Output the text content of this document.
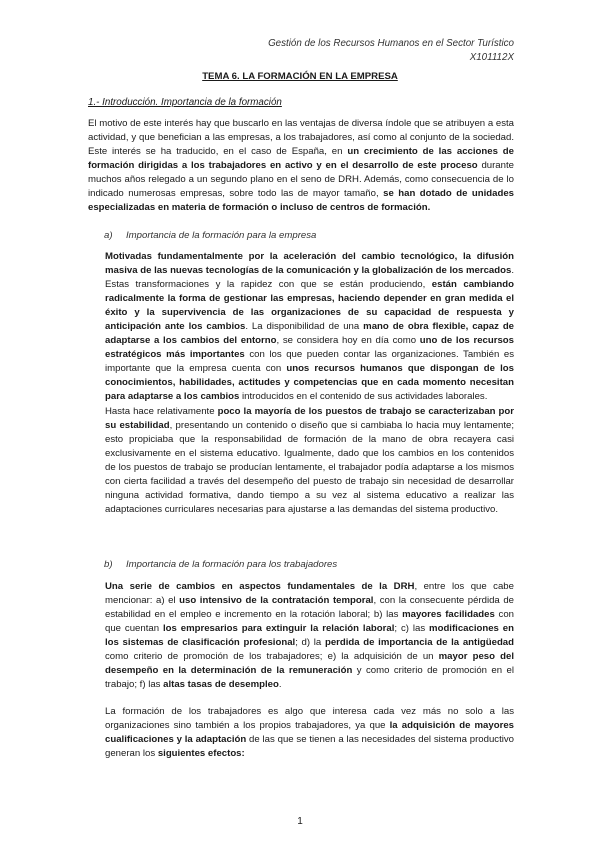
Gestión de los Recursos Humanos en el Sector Turístico
X101112X
TEMA 6. LA FORMACIÓN EN LA EMPRESA
1.- Introducción. Importancia de la formación

El motivo de este interés hay que buscarlo en las ventajas de diversa índole que se atribuyen a esta actividad, y que benefician a las empresas, a los trabajadores, así como al conjunto de la sociedad. Este interés se ha traducido, en el caso de España, en un crecimiento de las acciones de formación dirigidas a los trabajadores en activo y en el desarrollo de este proceso durante muchos años relegado a un segundo plano en el seno de DRH. Además, como consecuencia de lo indicado numerosas empresas, sobre todo las de mayor tamaño, se han dotado de unidades especializadas en materia de formación o incluso de centros de formación.

a) Importancia de la formación para la empresa

Motivadas fundamentalmente por la aceleración del cambio tecnológico, la difusión masiva de las nuevas tecnologías de la comunicación y la globalización de los mercados. Estas transformaciones y la rapidez con que se están produciendo, están cambiando radicalmente la forma de gestionar las empresas, haciendo depender en gran medida el éxito y la supervivencia de las organizaciones de su capacidad de respuesta y anticipación ante los cambios. La disponibilidad de una mano de obra flexible, capaz de adaptarse a los cambios del entorno, se considera hoy en día como uno de los recursos estratégicos más importantes con los que pueden contar las organizaciones. También es importante que la empresa cuenta con unos recursos humanos que dispongan de los conocimientos, habilidades, actitudes y competencias que en cada momento necesitan para adaptarse a los cambios introducidos en el contenido de sus actividades laborales.

Hasta hace relativamente poco la mayoría de los puestos de trabajo se caracterizaban por su estabilidad, presentando un contenido o diseño que si cambiaba lo hacia muy lentamente; esto propiciaba que la responsabilidad de formación de la mano de obra recayera casi exclusivamente en el sistema educativo. Igualmente, dado que los cambios en los contenidos de los puestos de trabajo se producían lentamente, el trabajador podía adaptarse a los mismos con cierta facilidad a través del desempeño del puesto de trabajo sin necesidad de desarrollar ninguna actividad formativa, dando tiempo a su vez al sistema educativo a realizar las adaptaciones curriculares necesarias para ajustarse a las demandas del sistema productivo.

b) Importancia de la formación para los trabajadores

Una serie de cambios en aspectos fundamentales de la DRH, entre los que cabe mencionar: a) el uso intensivo de la contratación temporal, con la consecuente pérdida de estabilidad en el empleo e incremento en la rotación laboral; b) las mayores facilidades con que cuentan los empresarios para extinguir la relación laboral; c) las modificaciones en los sistemas de clasificación profesional; d) la perdida de importancia de la antigüedad como criterio de promoción de los trabajadores; e) la adquisición de un mayor peso del desempeño en la determinación de la remuneración y como criterio de promoción en el trabajo; f) las altas tasas de desempleo.

La formación de los trabajadores es algo que interesa cada vez más no solo a las organizaciones sino también a los propios trabajadores, ya que la adquisición de mayores cualificaciones y la adaptación de las que se tienen a las necesidades del sistema productivo generan los siguientes efectos:

1
